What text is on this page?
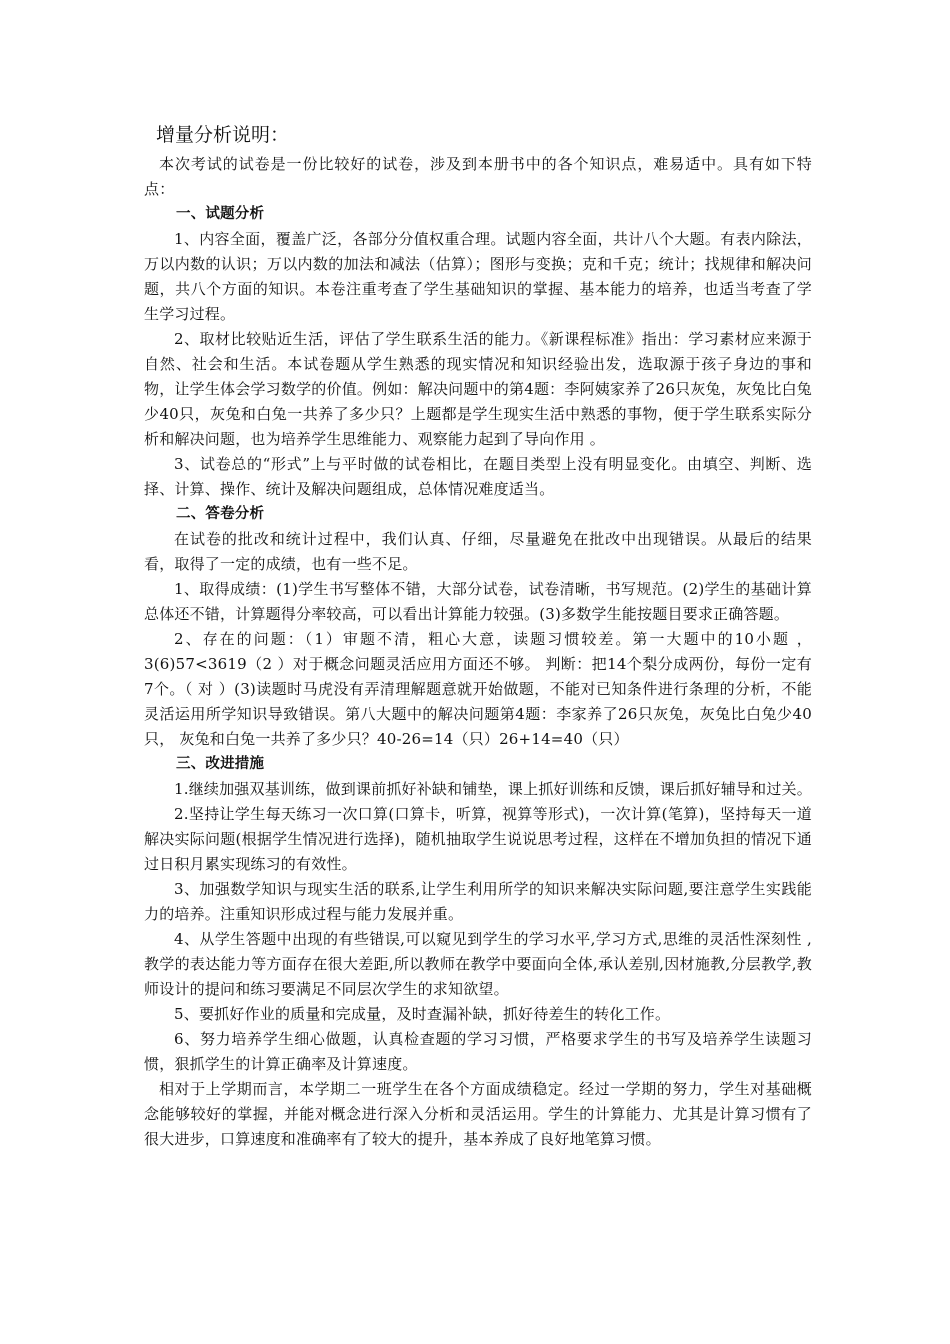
增量分析说明：

本次考试的试卷是一份比较好的试卷，涉及到本册书中的各个知识点，难易适中。具有如下特点：

一、试题分析

1、内容全面，覆盖广泛，各部分分值权重合理。试题内容全面，共计八个大题。有表内除法，万以内数的认识；万以内数的加法和减法（估算）；图形与变换；克和千克；统计；找规律和解决问题，共八个方面的知识。本卷注重考查了学生基础知识的掌握、基本能力的培养，也适当考查了学生学习过程。

2、取材比较贴近生活，评估了学生联系生活的能力。《新课程标准》指出：学习素材应来源于自然、社会和生活。本试卷题从学生熟悉的现实情况和知识经验出发，选取源于孩子身边的事和物，让学生体会学习数学的价值。例如：解决问题中的第4题：李阿姨家养了26只灰兔，灰兔比白兔少40只，灰兔和白兔一共养了多少只？上题都是学生现实生活中熟悉的事物，便于学生联系实际分析和解决问题，也为培养学生思维能力、观察能力起到了导向作用 。

3、试卷总的“形式”上与平时做的试卷相比，在题目类型上没有明显变化。由填空、判断、选择、计算、操作、统计及解决问题组成，总体情况难度适当。

二、答卷分析

在试卷的批改和统计过程中，我们认真、仔细，尽量避免在批改中出现错误。从最后的结果看，取得了一定的成绩，也有一些不足。

1、取得成绩：(1)学生书写整体不错，大部分试卷，试卷清晰，书写规范。(2)学生的基础计算总体还不错，计算题得分率较高，可以看出计算能力较强。(3)多数学生能按题目要求正确答题。

2、存在的问题：（1）审题不清，粗心大意，读题习惯较差。第一大题中的10小题 ，3(6)57<3619（2 ）对于概念问题灵活应用方面还不够。 判断：把14个梨分成两份，每份一定有7个。（ 对 ）(3)读题时马虎没有弄清理解题意就开始做题，不能对已知条件进行条理的分析，不能灵活运用所学知识导致错误。第八大题中的解决问题第4题：李家养了26只灰兔，灰兔比白兔少40只， 灰兔和白兔一共养了多少只？40-26=14（只）26+14=40（只）

三、改进措施

1.继续加强双基训练，做到课前抓好补缺和铺垫，课上抓好训练和反馈，课后抓好辅导和过关。

2.坚持让学生每天练习一次口算(口算卡，听算，视算等形式)，一次计算(笔算)，坚持每天一道解决实际问题(根据学生情况进行选择)，随机抽取学生说说思考过程，这样在不增加负担的情况下通过日积月累实现练习的有效性。

3、加强数学知识与现实生活的联系,让学生利用所学的知识来解决实际问题,要注意学生实践能力的培养。注重知识形成过程与能力发展并重。

4、从学生答题中出现的有些错误,可以窥见到学生的学习水平,学习方式,思维的灵活性深刻性 ,教学的表达能力等方面存在很大差距,所以教师在教学中要面向全体,承认差别,因材施教,分层教学,教师设计的提问和练习要满足不同层次学生的求知欲望。

5、要抓好作业的质量和完成量，及时查漏补缺，抓好待差生的转化工作。

6、努力培养学生细心做题，认真检查题的学习习惯，严格要求学生的书写及培养学生读题习惯，狠抓学生的计算正确率及计算速度。

相对于上学期而言，本学期二一班学生在各个方面成绩稳定。经过一学期的努力，学生对基础概念能够较好的掌握，并能对概念进行深入分析和灵活运用。学生的计算能力、尤其是计算习惯有了很大进步，口算速度和准确率有了较大的提升，基本养成了良好地笔算习惯。
